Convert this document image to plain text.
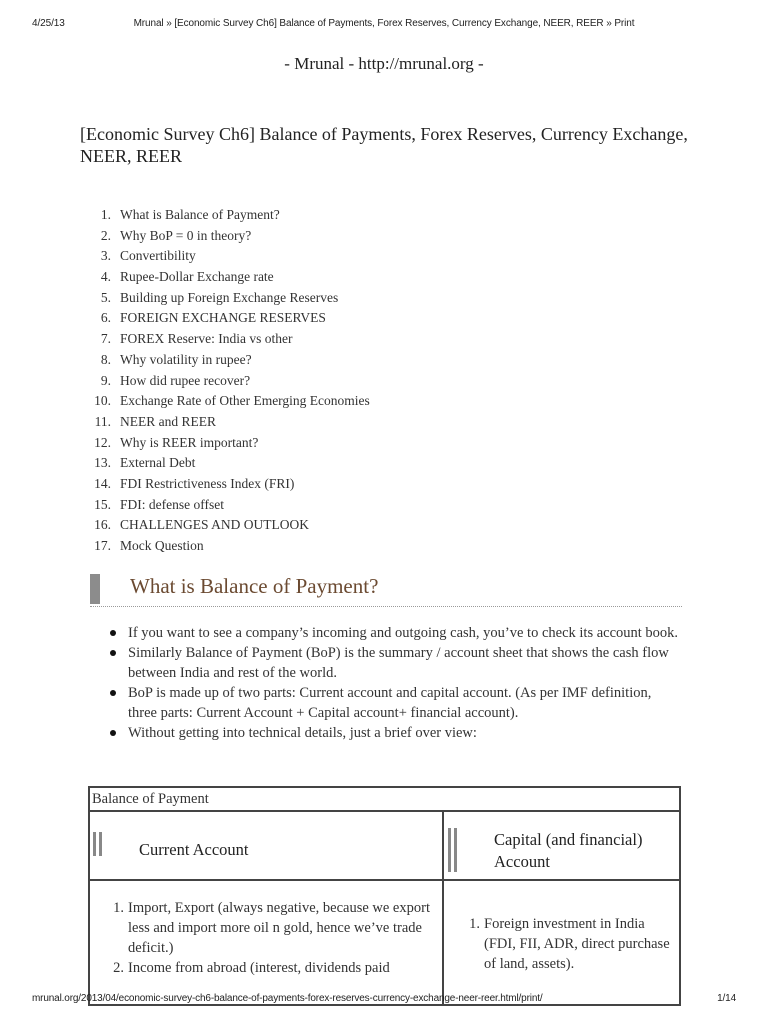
4/25/13	Mrunal » [Economic Survey Ch6] Balance of Payments, Forex Reserves, Currency Exchange, NEER, REER » Print
- Mrunal - http://mrunal.org -
[Economic Survey Ch6] Balance of Payments, Forex Reserves, Currency Exchange, NEER, REER
1. What is Balance of Payment?
2. Why BoP = 0 in theory?
3. Convertibility
4. Rupee-Dollar Exchange rate
5. Building up Foreign Exchange Reserves
6. FOREIGN EXCHANGE RESERVES
7. FOREX Reserve: India vs other
8. Why volatility in rupee?
9. How did rupee recover?
10. Exchange Rate of Other Emerging Economies
11. NEER and REER
12. Why is REER important?
13. External Debt
14. FDI Restrictiveness Index (FRI)
15. FDI: defense offset
16. CHALLENGES AND OUTLOOK
17. Mock Question
What is Balance of Payment?
If you want to see a company’s incoming and outgoing cash, you’ve to check its account book.
Similarly Balance of Payment (BoP) is the summary / account sheet that shows the cash flow between India and rest of the world.
BoP is made up of two parts: Current account and capital account. (As per IMF definition, three parts: Current Account + Capital account+ financial account).
Without getting into technical details, just a brief over view:
Balance of Payment
Current Account
Capital (and financial) Account
1. Import, Export (always negative, because we export less and import more oil n gold, hence we’ve trade deficit.)
2. Income from abroad (interest, dividends paid
1. Foreign investment in India (FDI, FII, ADR, direct purchase of land, assets).
mrunal.org/2013/04/economic-survey-ch6-balance-of-payments-forex-reserves-currency-exchange-neer-reer.html/print/	1/14
